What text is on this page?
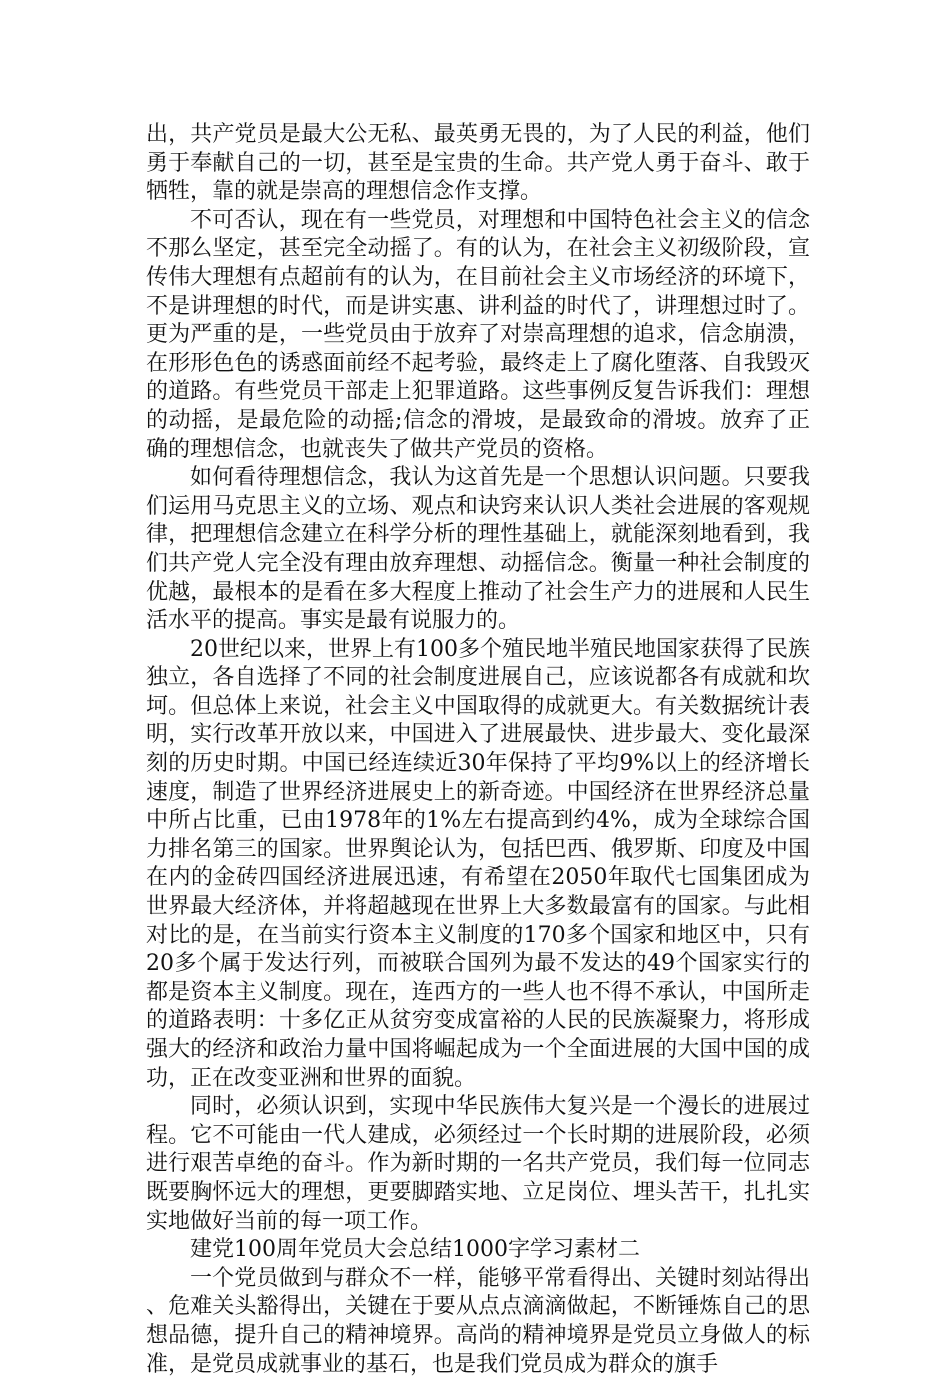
出，共产党员是最大公无私、最英勇无畏的，为了人民的利益，他们勇于奉献自己的一切，甚至是宝贵的生命。共产党人勇于奋斗、敢于牺牲，靠的就是崇高的理想信念作支撑。

不可否认，现在有一些党员，对理想和中国特色社会主义的信念不那么坚定，甚至完全动摇了。有的认为，在社会主义初级阶段，宣传伟大理想有点超前有的认为，在目前社会主义市场经济的环境下，不是讲理想的时代，而是讲实惠、讲利益的时代了，讲理想过时了。更为严重的是，一些党员由于放弃了对崇高理想的追求，信念崩溃，在形形色色的诱惑面前经不起考验，最终走上了腐化堕落、自我毁灭的道路。有些党员干部走上犯罪道路。这些事例反复告诉我们：理想的动摇，是最危险的动摇;信念的滑坡，是最致命的滑坡。放弃了正确的理想信念，也就丧失了做共产党员的资格。

如何看待理想信念，我认为这首先是一个思想认识问题。只要我们运用马克思主义的立场、观点和诀窍来认识人类社会进展的客观规律，把理想信念建立在科学分析的理性基础上，就能深刻地看到，我们共产党人完全没有理由放弃理想、动摇信念。衡量一种社会制度的优越，最根本的是看在多大程度上推动了社会生产力的进展和人民生活水平的提高。事实是最有说服力的。

20世纪以来，世界上有100多个殖民地半殖民地国家获得了民族独立，各自选择了不同的社会制度进展自己，应该说都各有成就和坎坷。但总体上来说，社会主义中国取得的成就更大。有关数据统计表明，实行改革开放以来，中国进入了进展最快、进步最大、变化最深刻的历史时期。中国已经连续近30年保持了平均9%以上的经济增长速度，制造了世界经济进展史上的新奇迹。中国经济在世界经济总量中所占比重，已由1978年的1%左右提高到约4%，成为全球综合国力排名第三的国家。世界舆论认为，包括巴西、俄罗斯、印度及中国在内的金砖四国经济进展迅速，有希望在2050年取代七国集团成为世界最大经济体，并将超越现在世界上大多数最富有的国家。与此相对比的是，在当前实行资本主义制度的170多个国家和地区中，只有20多个属于发达行列，而被联合国列为最不发达的49个国家实行的都是资本主义制度。现在，连西方的一些人也不得不承认，中国所走的道路表明：十多亿正从贫穷变成富裕的人民的民族凝聚力，将形成强大的经济和政治力量中国将崛起成为一个全面进展的大国中国的成功，正在改变亚洲和世界的面貌。

同时，必须认识到，实现中华民族伟大复兴是一个漫长的进展过程。它不可能由一代人建成，必须经过一个长时期的进展阶段，必须进行艰苦卓绝的奋斗。作为新时期的一名共产党员，我们每一位同志既要胸怀远大的理想，更要脚踏实地、立足岗位、埋头苦干，扎扎实实地做好当前的每一项工作。

建党100周年党员大会总结1000字学习素材二

一个党员做到与群众不一样，能够平常看得出、关键时刻站得出、危难关头豁得出，关键在于要从点点滴滴做起，不断锤炼自己的思想品德，提升自己的精神境界。高尚的精神境界是党员立身做人的标准，是党员成就事业的基石，也是我们党员成为群众的旗手
